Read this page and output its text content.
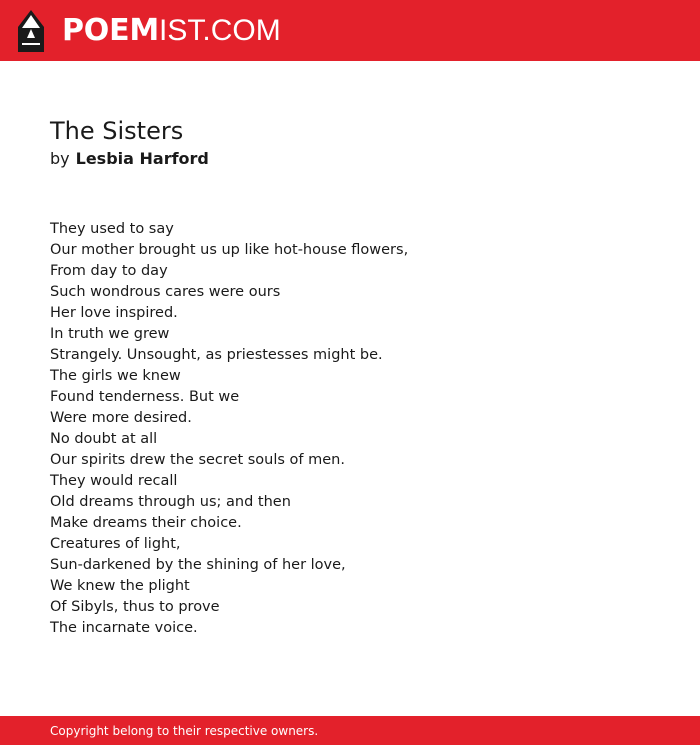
POEMIST.COM
The Sisters
by Lesbia Harford
They used to say
Our mother brought us up like hot-house flowers,
From day to day
Such wondrous cares were ours
Her love inspired.
In truth we grew
Strangely. Unsought, as priestesses might be.
The girls we knew
Found tenderness. But we
Were more desired.
No doubt at all
Our spirits drew the secret souls of men.
They would recall
Old dreams through us; and then
Make dreams their choice.
Creatures of light,
Sun-darkened by the shining of her love,
We knew the plight
Of Sibyls, thus to prove
The incarnate voice.
Copyright belong to their respective owners.
